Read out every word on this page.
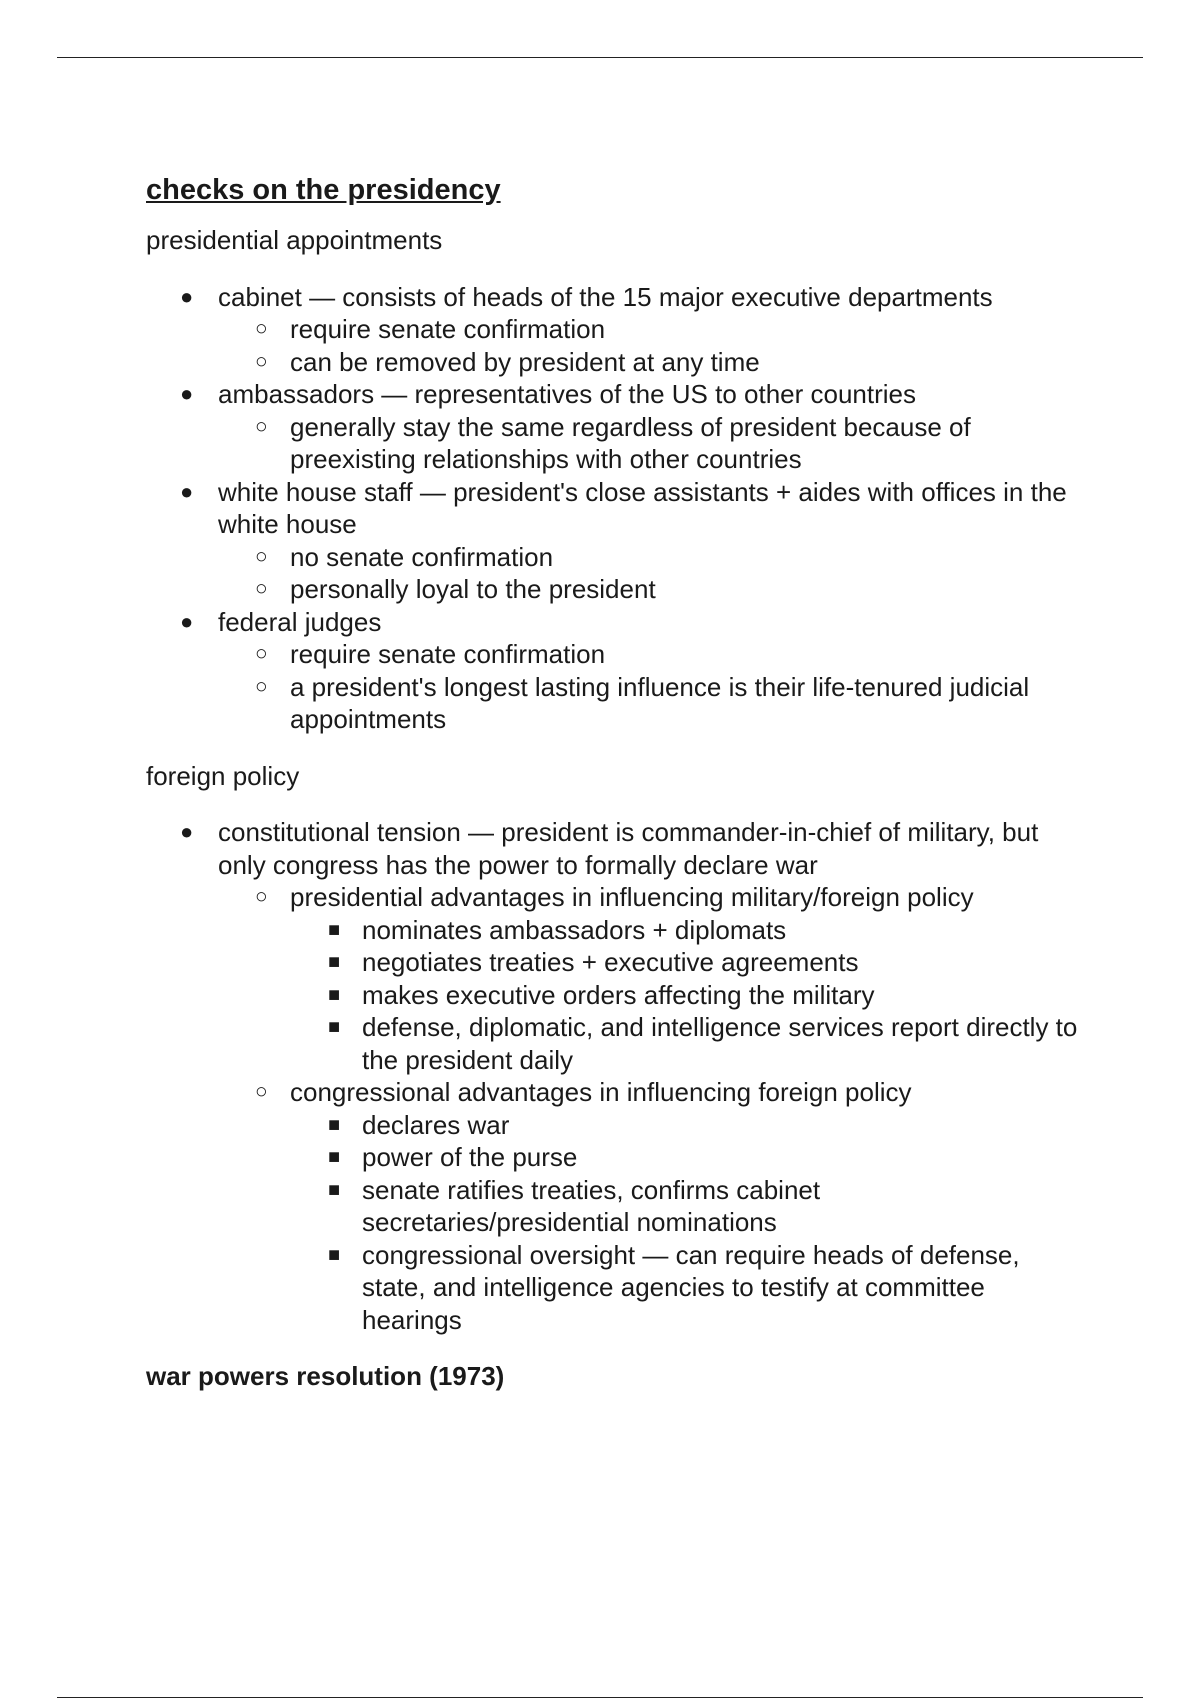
checks on the presidency
presidential appointments
● cabinet — consists of heads of the 15 major executive departments
○ require senate confirmation
○ can be removed by president at any time
● ambassadors — representatives of the US to other countries
○ generally stay the same regardless of president because of preexisting relationships with other countries
● white house staff — president's close assistants + aides with offices in the white house
○ no senate confirmation
○ personally loyal to the president
● federal judges
○ require senate confirmation
○ a president's longest lasting influence is their life-tenured judicial appointments
foreign policy
● constitutional tension — president is commander-in-chief of military, but only congress has the power to formally declare war
○ presidential advantages in influencing military/foreign policy
■ nominates ambassadors + diplomats
■ negotiates treaties + executive agreements
■ makes executive orders affecting the military
■ defense, diplomatic, and intelligence services report directly to the president daily
○ congressional advantages in influencing foreign policy
■ declares war
■ power of the purse
■ senate ratifies treaties, confirms cabinet secretaries/presidential nominations
■ congressional oversight — can require heads of defense, state, and intelligence agencies to testify at committee hearings
war powers resolution (1973)
